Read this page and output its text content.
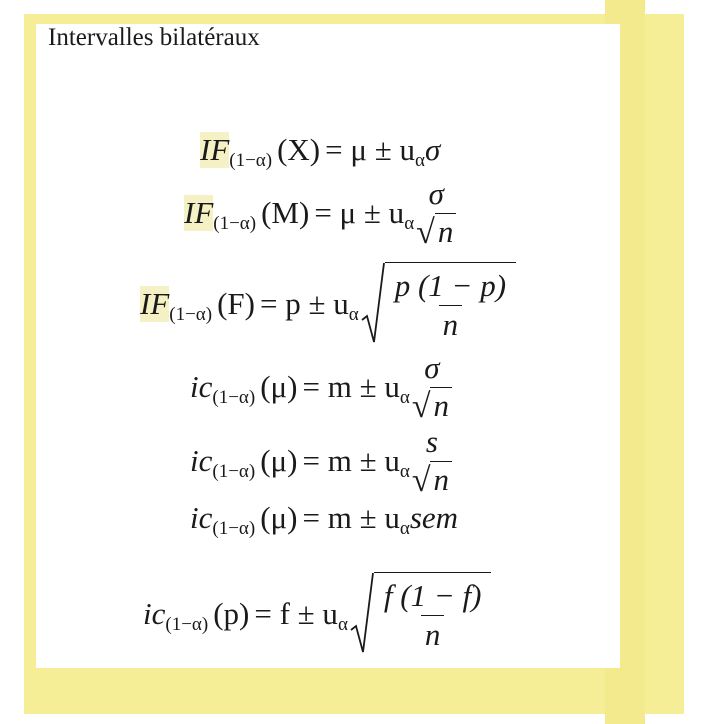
Intervalles bilatéraux
IF (1−α) (X) = μ ± u α σ
IF (1−α) (M) = μ ± u α
σ
√ n
IF (1−α) (F) = p ± u α $\frac{p (1 - p)}{n}$
ic (1−α) (μ) = m ± u α
σ
√ n
ic (1−α) (μ) = m ± u α
s
√ n
ic (1−α) (μ) = m ± u α sem
ic (1−α) (p) = f ± u α $\frac{f (1 - f)}{n}$
